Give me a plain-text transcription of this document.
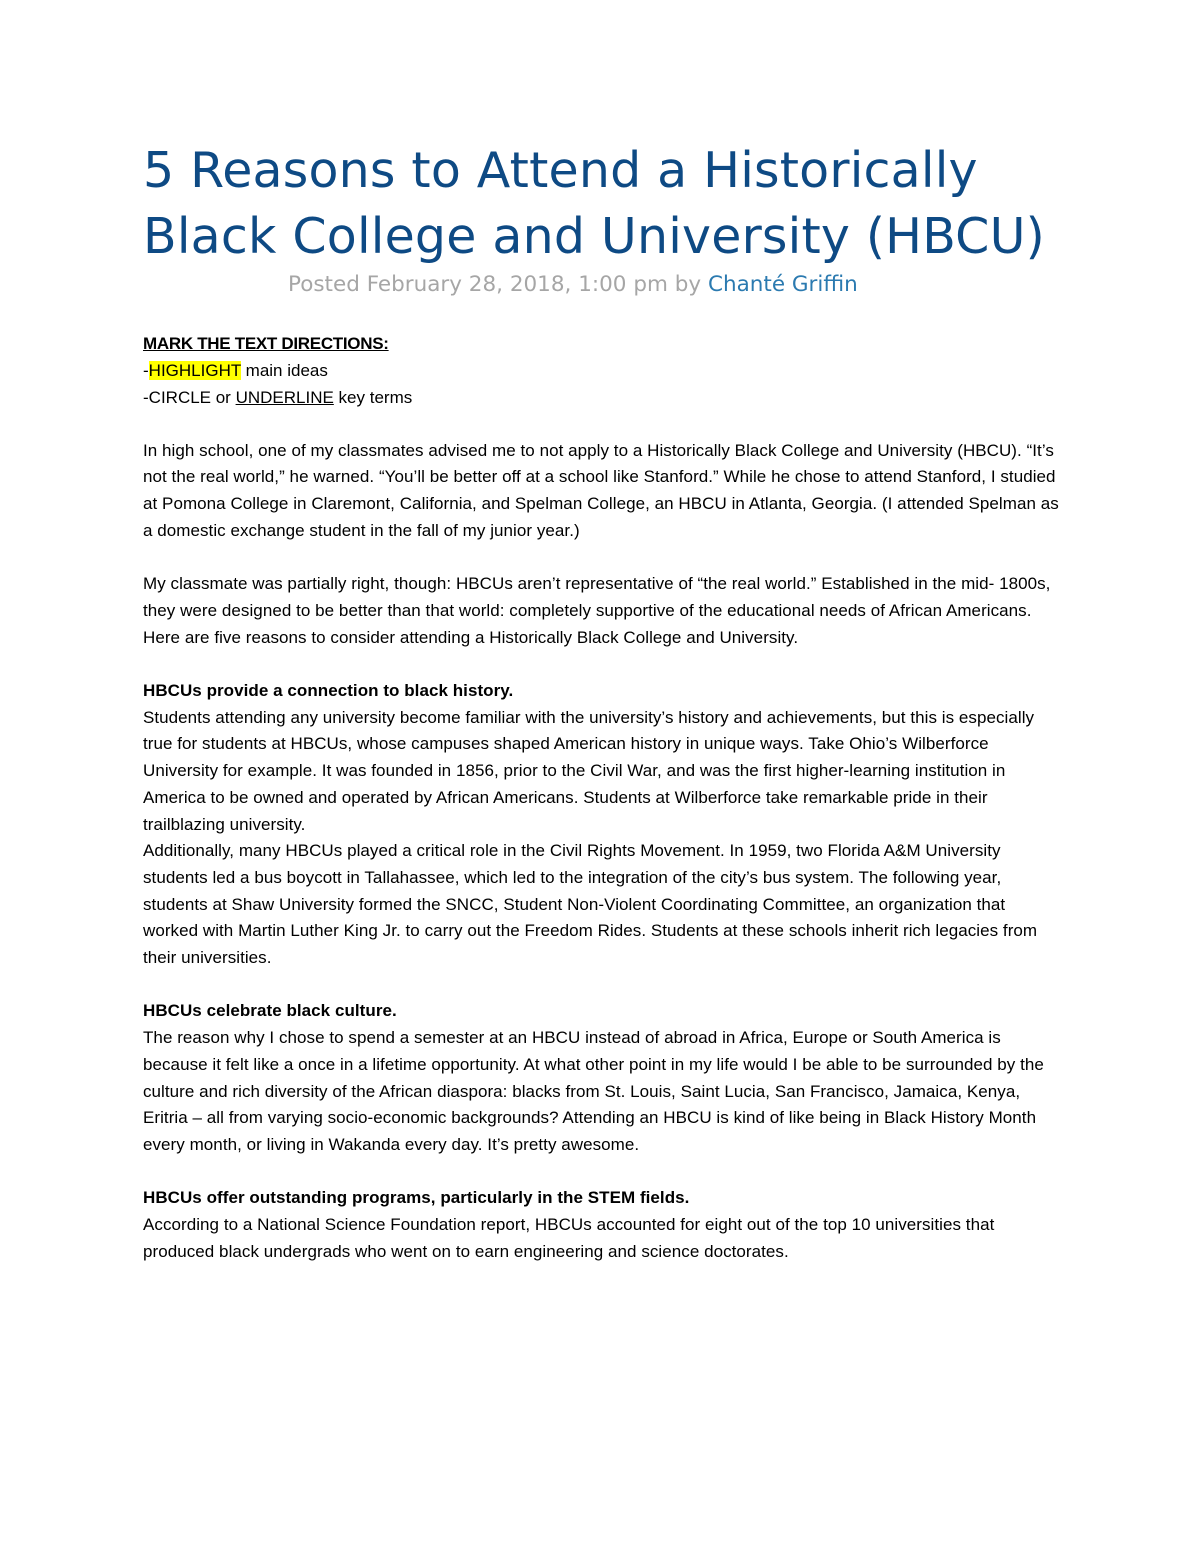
5 Reasons to Attend a Historically Black College and University (HBCU)

Posted February 28, 2018, 1:00 pm by Chanté Griffin

MARK THE TEXT DIRECTIONS:
-HIGHLIGHT main ideas
-CIRCLE or UNDERLINE key terms

In high school, one of my classmates advised me to not apply to a Historically Black College and University (HBCU). “It’s not the real world,” he warned. “You’ll be better off at a school like Stanford.” While he chose to attend Stanford, I studied at Pomona College in Claremont, California, and Spelman College, an HBCU in Atlanta, Georgia. (I attended Spelman as a domestic exchange student in the fall of my junior year.)

My classmate was partially right, though: HBCUs aren’t representative of “the real world.” Established in the mid- 1800s, they were designed to be better than that world: completely supportive of the educational needs of African Americans. Here are five reasons to consider attending a Historically Black College and University.

HBCUs provide a connection to black history.

Students attending any university become familiar with the university’s history and achievements, but this is especially true for students at HBCUs, whose campuses shaped American history in unique ways. Take Ohio’s Wilberforce University for example. It was founded in 1856, prior to the Civil War, and was the first higher-learning institution in America to be owned and operated by African Americans. Students at Wilberforce take remarkable pride in their trailblazing university.

Additionally, many HBCUs played a critical role in the Civil Rights Movement. In 1959, two Florida A&M University students led a bus boycott in Tallahassee, which led to the integration of the city’s bus system. The following year, students at Shaw University formed the SNCC, Student Non-Violent Coordinating Committee, an organization that worked with Martin Luther King Jr. to carry out the Freedom Rides. Students at these schools inherit rich legacies from their universities.

HBCUs celebrate black culture.

The reason why I chose to spend a semester at an HBCU instead of abroad in Africa, Europe or South America is because it felt like a once in a lifetime opportunity. At what other point in my life would I be able to be surrounded by the culture and rich diversity of the African diaspora: blacks from St. Louis, Saint Lucia, San Francisco, Jamaica, Kenya, Eritria – all from varying socio-economic backgrounds? Attending an HBCU is kind of like being in Black History Month every month, or living in Wakanda every day. It’s pretty awesome.

HBCUs offer outstanding programs, particularly in the STEM fields.

According to a National Science Foundation report, HBCUs accounted for eight out of the top 10 universities that produced black undergrads who went on to earn engineering and science doctorates.
